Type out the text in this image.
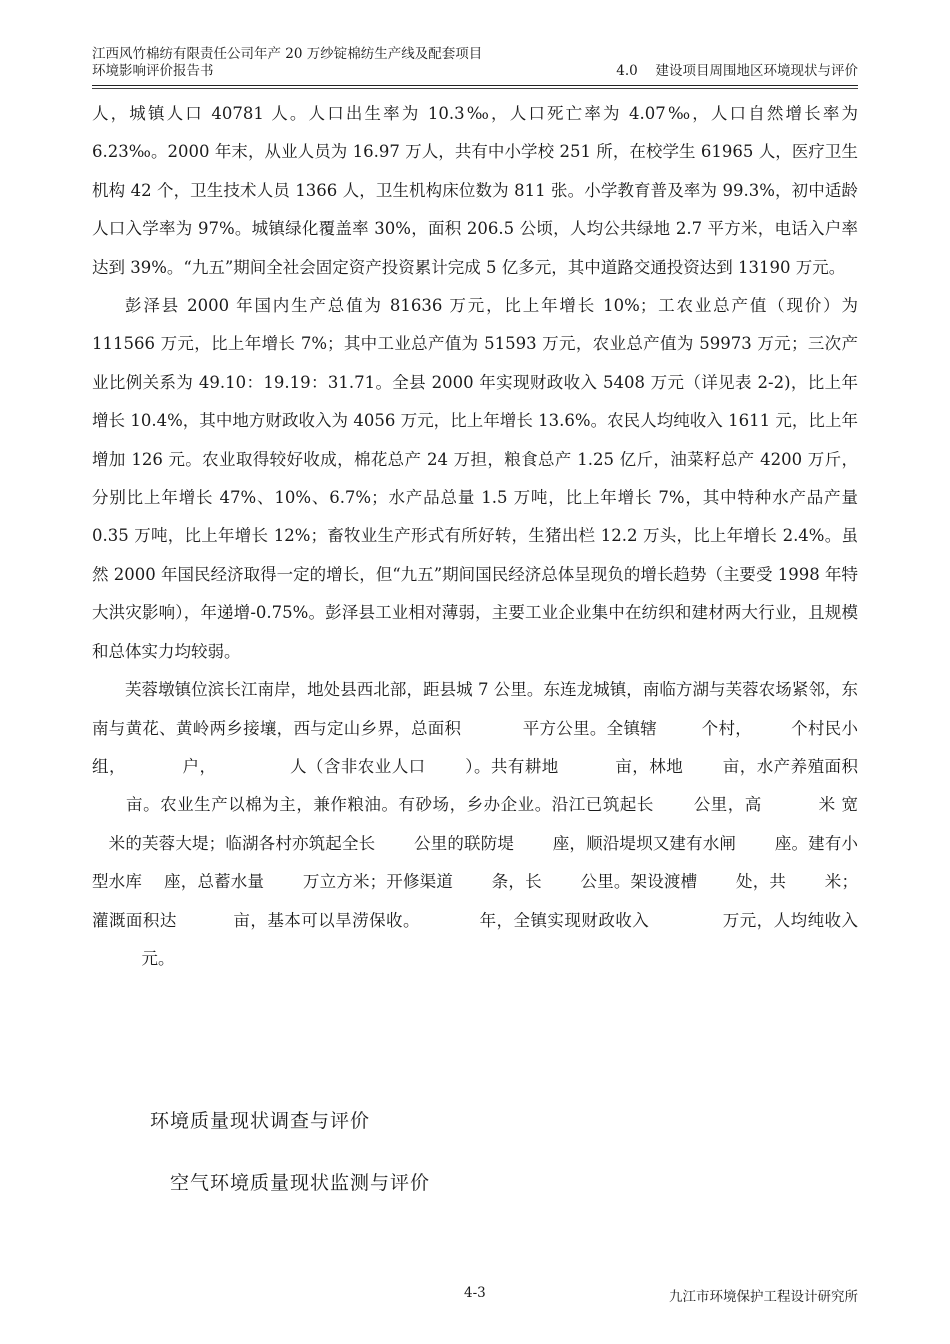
江西风竹棉纺有限责任公司年产 20 万纱锭棉纺生产线及配套项目
环境影响评价报告书	4.0　 建设项目周围地区环境现状与评价

人，城镇人口 40781 人。人口出生率为 10.3‰，人口死亡率为 4.07‰，人口自然增长率为 6.23‰。2000 年末，从业人员为 16.97 万人，共有中小学校 251 所，在校学生 61965 人，医疗卫生机构 42 个，卫生技术人员 1366 人，卫生机构床位数为 811 张。小学教育普及率为 99.3%，初中适龄人口入学率为 97%。城镇绿化覆盖率 30%，面积 206.5 公顷，人均公共绿地 2.7 平方米，电话入户率达到 39%。“九五”期间全社会固定资产投资累计完成 5 亿多元，其中道路交通投资达到 13190 万元。

彭泽县 2000 年国内生产总值为 81636 万元，比上年增长 10%；工农业总产值（现价）为 111566 万元，比上年增长 7%；其中工业总产值为 51593 万元，农业总产值为 59973 万元；三次产业比例关系为 49.10：19.19：31.71。全县 2000 年实现财政收入 5408 万元（详见表 2-2)，比上年增长 10.4%，其中地方财政收入为 4056 万元，比上年增长 13.6%。农民人均纯收入 1611 元，比上年增加 126 元。农业取得较好收成，棉花总产 24 万担，粮食总产 1.25 亿斤，油菜籽总产 4200 万斤，分别比上年增长 47%、10%、6.7%；水产品总量 1.5 万吨，比上年增长 7%，其中特种水产品产量 0.35 万吨，比上年增长 12%；畜牧业生产形式有所好转，生猪出栏 12.2 万头，比上年增长 2.4%。虽然 2000 年国民经济取得一定的增长，但“九五”期间国民经济总体呈现负的增长趋势（主要受 1998 年特大洪灾影响），年递增-0.75%。彭泽县工业相对薄弱，主要工业企业集中在纺织和建材两大行业，且规模和总体实力均较弱。

芙蓉墩镇位滨长江南岸，地处县西北部，距县城 7 公里。东连龙城镇，南临方湖与芙蓉农场紧邻，东南与黄花、黄岭两乡接壤，西与定山乡界，总面积 　　　 平方公里。全镇辖 　　 个村， 　　个村民小组， 　　　户， 　　　　人（含非农业人口 　　）。共有耕地 　　　亩，林地 　　亩，水产养殖面积 　　亩。农业生产以棉为主，兼作粮油。有砂场，乡办企业。沿江已筑起长 　　公里，高 　　　米 宽 　米的芙蓉大堤；临湖各村亦筑起全长 　　公里的联防堤 　　座，顺沿堤坝又建有水闸 　　座。建有小型水库 　座，总蓄水量 　　万立方米；开修渠道 　　条，长 　　公里。架设渡槽 　　处，共 　　米；灌溉面积达 　　　亩，基本可以旱涝保收。　　　　年，全镇实现财政收入 　　　　万元，人均纯收入 　　　元。

环境质量现状调查与评价
空气环境质量现状监测与评价
4-3	九江市环境保护工程设计研究所
